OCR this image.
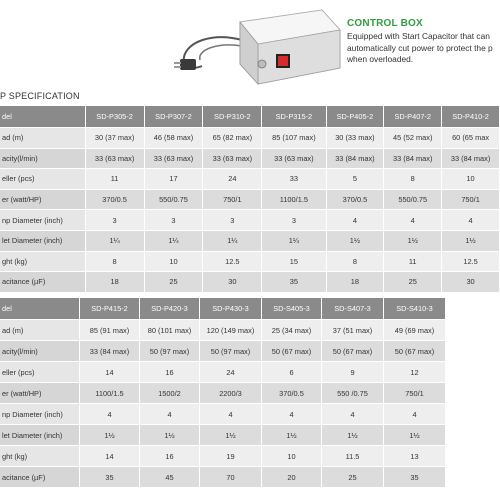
CONTROL BOX
Equipped with Start Capacitor that can
automatically cut power to protect the p
when overloaded.
P SPECIFICATION
del	SD-P305-2	SD-P307-2	SD-P310-2	SD-P315-2	SD-P405-2	SD-P407-2	SD-P410-2
ad (m)	30 (37 max)	46 (58 max)	65 (82 max)	85 (107 max)	30 (33 max)	45 (52 max)	60 (65 max
acity(l/min)	33 (63 max)	33 (63 max)	33 (63 max)	33 (63 max)	33 (84 max)	33 (84 max)	33 (84 max)
eller (pcs)	11	17	24	33	5	8	10
er (watt/HP)	370/0.5	550/0.75	750/1	1100/1.5	370/0.5	550/0.75	750/1
np Diameter (inch)	3	3	3	3	4	4	4
let Diameter (inch)	1¼	1¼	1¼	1¼	1½	1½	1½
ght (kg)	8	10	12.5	15	8	11	12.5
acitance (µF)	18	25	30	35	18	25	30
del	SD-P415-2	SD-P420-3	SD-P430-3	SD-S405-3	SD-S407-3	SD-S410-3
ad (m)	85 (91 max)	80 (101 max)	120 (149 max)	25 (34 max)	37 (51 max)	49 (69 max)
acity(l/min)	33 (84 max)	50 (97 max)	50 (97 max)	50 (67 max)	50 (67 max)	50 (67 max)
eller (pcs)	14	16	24	6	9	12
er (watt/HP)	1100/1.5	1500/2	2200/3	370/0.5	550 /0.75	750/1
np Diameter (inch)	4	4	4	4	4	4
let Diameter (inch)	1½	1½	1½	1½	1½	1½
ght (kg)	14	16	19	10	11.5	13
acitance (µF)	35	45	70	20	25	35
